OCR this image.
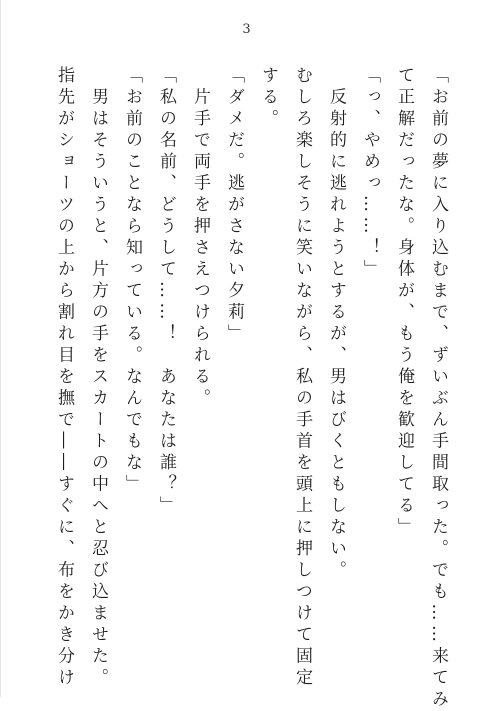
3

「お前の夢に入り込むまで、ずいぶん手間取った。でも……来てみ

て正解だったな。身体が、もう俺を歓迎してる」

「っ、やめっ……！」

　反射的に逃れようとするが、男はびくともしない。

むしろ楽しそうに笑いながら、私の手首を頭上に押しつけて固定

する。

「ダメだ。逃がさない夕莉」

　片手で両手を押さえつけられる。

「私の名前、どうして……！　あなたは誰？」

「お前のことなら知っている。なんでもな」

　男はそういうと、片方の手をスカートの中へと忍び込ませた。

指先がショーツの上から割れ目を撫で――すぐに、布をかき分け
